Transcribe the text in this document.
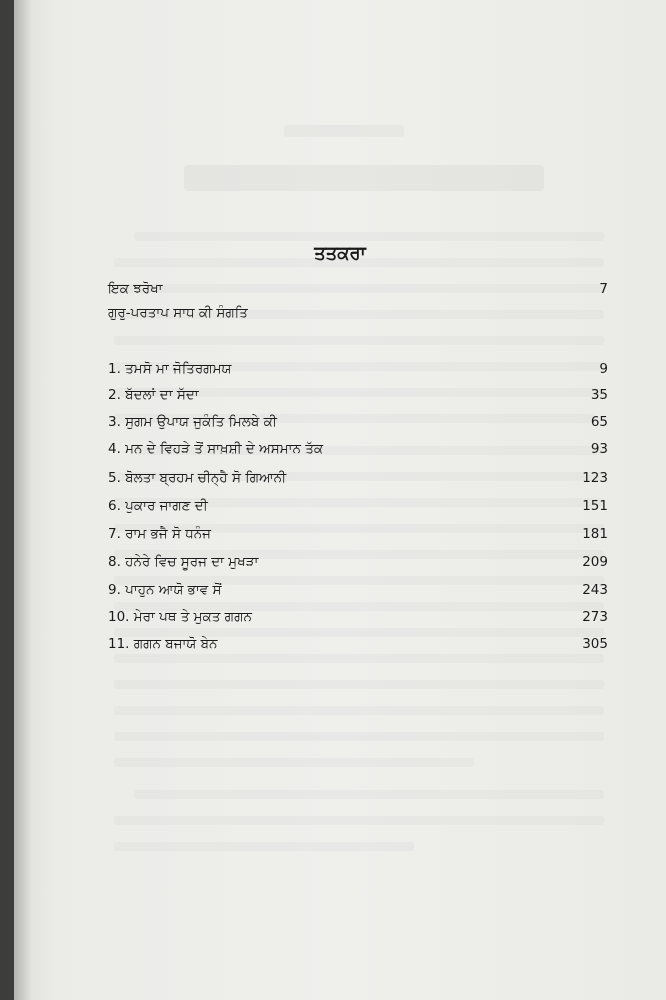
ਤਤਕਰਾ
ਇਕ ਝਰੋਖਾ	7
ਗੁਰੁ-ਪਰਤਾਪ ਸਾਧ ਕੀ ਸੰਗਤਿ
1. ਤਮਸੋ ਮਾ ਜੋਤਿਰਗਮਯ	9
2. ਬੱਦਲਾਂ ਦਾ ਸੱਦਾ	35
3. ਸੁਗਮ ਉਪਾਯ ਜੁਕੰਤਿ ਮਿਲਬੇ ਕੀ	65
4. ਮਨ ਦੇ ਵਿਹੜੇ ਤੋਂ ਸਾਖ਼ਸ਼ੀ ਦੇ ਅਸਮਾਨ ਤੱਕ	93
5. ਬੋਲਤਾ ਬ੍ਰਹਮ ਚੀਨ੍ਹੈ ਸੋ ਗਿਆਨੀ	123
6. ਪੁਕਾਰ ਜਾਗਣ ਦੀ	151
7. ਰਾਮ ਭਜੈ ਸੋ ਧਨੰਜ	181
8. ਹਨੇਰੇ ਵਿਚ ਸੂਰਜ ਦਾ ਮੁਖੜਾ	209
9. ਪਾਹੁਨ ਆਯੋ ਭਾਵ ਸੋਂ	243
10. ਮੇਰਾ ਪਥ ਤੇ ਮੁਕਤ ਗਗਨ	273
11. ਗਗਨ ਬਜਾਯੋ ਬੇਨ	305
